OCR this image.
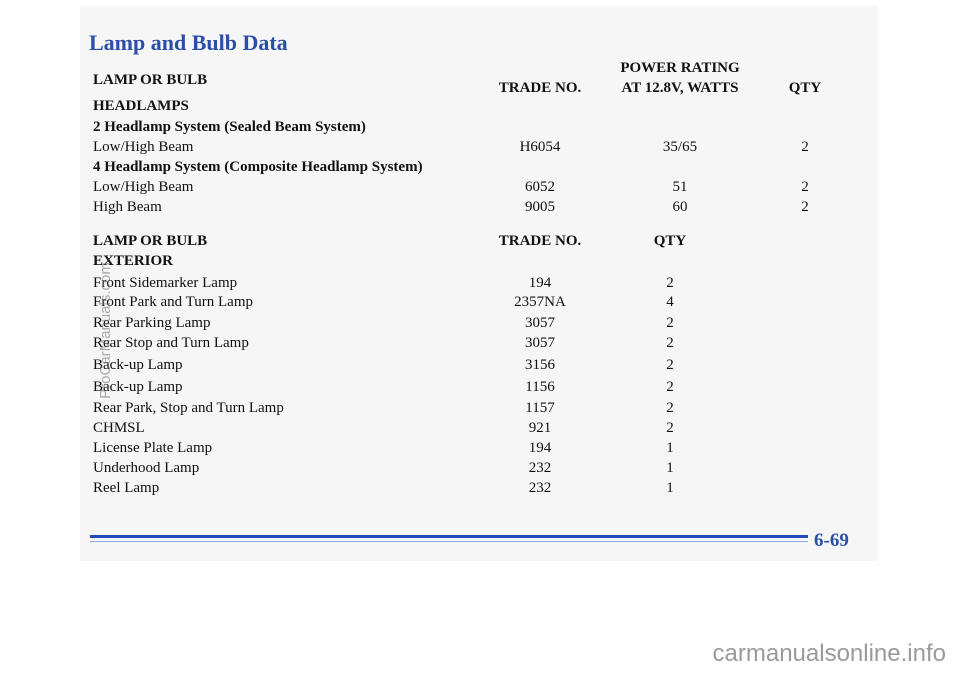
Lamp and Bulb Data
LAMP OR BULB	TRADE NO.
POWER RATING
AT 12.8V, WATTS	QTY
HEADLAMPS
2 Headlamp System (Sealed Beam System)
Low/High Beam	H6054	35/65	2
4 Headlamp System (Composite Headlamp System)
Low/High Beam	6052	51	2
High Beam	9005	60	2
LAMP OR BULB	TRADE NO.	QTY
EXTERIOR
Front Sidemarker Lamp	194	2
Front Park and Turn Lamp	2357NA	4
Rear Parking Lamp	3057	2
Rear Stop and Turn Lamp	3057	2
Back-up Lamp	3156	2
Back-up Lamp	1156	2
Rear Park, Stop and Turn Lamp	1157	2
CHMSL	921	2
License Plate Lamp	194	1
Underhood Lamp	232	1
Reel Lamp	232	1
6-69
ProCarManuals.com
carmanualsonline.info
